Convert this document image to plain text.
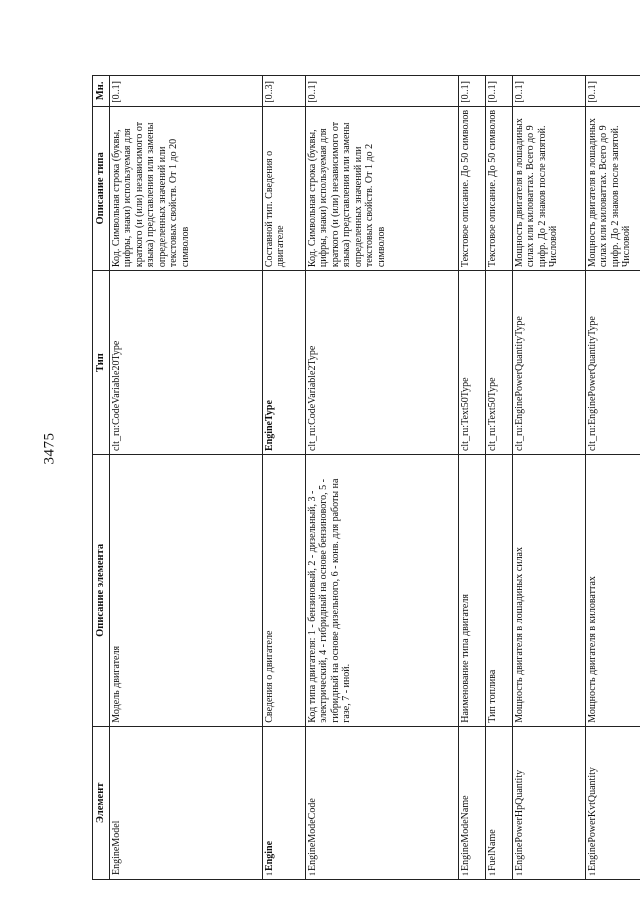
3475
Элемент	Описание элемента	Тип	Описание типа	Мн.
EngineModel	Модель двигателя	clt_ru:CodeVariable20Type	Код. Символьная строка (буквы, цифры, знаки) используемая для краткого (и (или) независимого от языка) представления или замены определенных значений или текстовых свойств. От 1 до 20 символов	[0..1]
1Engine	Сведения о двигателе	EngineType	Составной тип. Сведения о двигателе	[0..3]
1EngineModeCode	Код типа двигателя: 1 - бензиновый, 2 - дизельный, 3 - электрический, 4 - гибридный на основе бензинового, 5 - гибридный на основе дизельного, 6 - конв. для работы на газе, 7 - иной.	clt_ru:CodeVariable2Type	Код. Символьная строка (буквы, цифры, знаки) используемая для краткого (и (или) независимого от языка) представления или замены определенных значений или текстовых свойств. От 1 до 2 символов	[0..1]
1EngineModeName	Наименование типа двигателя	clt_ru:Text50Type	Текстовое описание. До 50 символов	[0..1]
1FuelName	Тип топлива	clt_ru:Text50Type	Текстовое описание. До 50 символов	[0..1]
1EnginePowerHpQuantity	Мощность двигателя в лошадиных силах	clt_ru:EnginePowerQuantityType	Мощность двигателя в лошадиных силах или киловаттах. Всего до 9 цифр. До 2 знаков после запятой. Числовой	[0..1]
1EnginePowerKvtQuantity	Мощность двигателя в киловаттах	clt_ru:EnginePowerQuantityType	Мощность двигателя в лошадиных силах или киловаттах. Всего до 9 цифр. До 2 знаков после запятой. Числовой	[0..1]
